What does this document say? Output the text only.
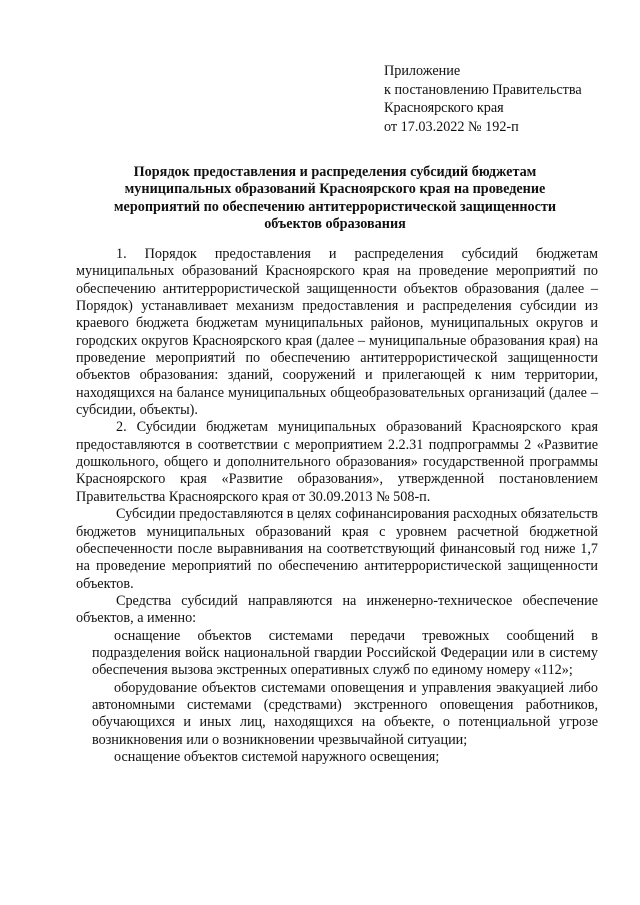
Приложение
к постановлению Правительства
Красноярского края
от 17.03.2022 № 192-п
Порядок предоставления и распределения субсидий бюджетам
муниципальных образований Красноярского края на проведение
мероприятий по обеспечению антитеррористической защищенности
объектов образования

1. Порядок предоставления и распределения субсидий бюджетам муниципальных образований Красноярского края на проведение мероприятий по обеспечению антитеррористической защищенности объектов образования (далее – Порядок) устанавливает механизм предоставления и распределения субсидии из краевого бюджета бюджетам муниципальных районов, муниципальных округов и городских округов Красноярского края (далее – муниципальные образования края) на проведение мероприятий по обеспечению антитеррористической защищенности объектов образования: зданий, сооружений и прилегающей к ним территории, находящихся на балансе муниципальных общеобразовательных организаций (далее – субсидии, объекты).

2. Субсидии бюджетам муниципальных образований Красноярского края предоставляются в соответствии с мероприятием 2.2.31 подпрограммы 2 «Развитие дошкольного, общего и дополнительного образования» государственной программы Красноярского края «Развитие образования», утвержденной постановлением Правительства Красноярского края от 30.09.2013 № 508-п.

Субсидии предоставляются в целях софинансирования расходных обязательств бюджетов муниципальных образований края с уровнем расчетной бюджетной обеспеченности после выравнивания на соответствующий финансовый год ниже 1,7 на проведение мероприятий по обеспечению антитеррористической защищенности объектов.

Средства субсидий направляются на инженерно-техническое обеспечение объектов, а именно:

оснащение объектов системами передачи тревожных сообщений в подразделения войск национальной гвардии Российской Федерации или в систему обеспечения вызова экстренных оперативных служб по единому номеру «112»;

оборудование объектов системами оповещения и управления эвакуацией либо автономными системами (средствами) экстренного оповещения работников, обучающихся и иных лиц, находящихся на объекте, о потенциальной угрозе возникновения или о возникновении чрезвычайной ситуации;

оснащение объектов системой наружного освещения;
